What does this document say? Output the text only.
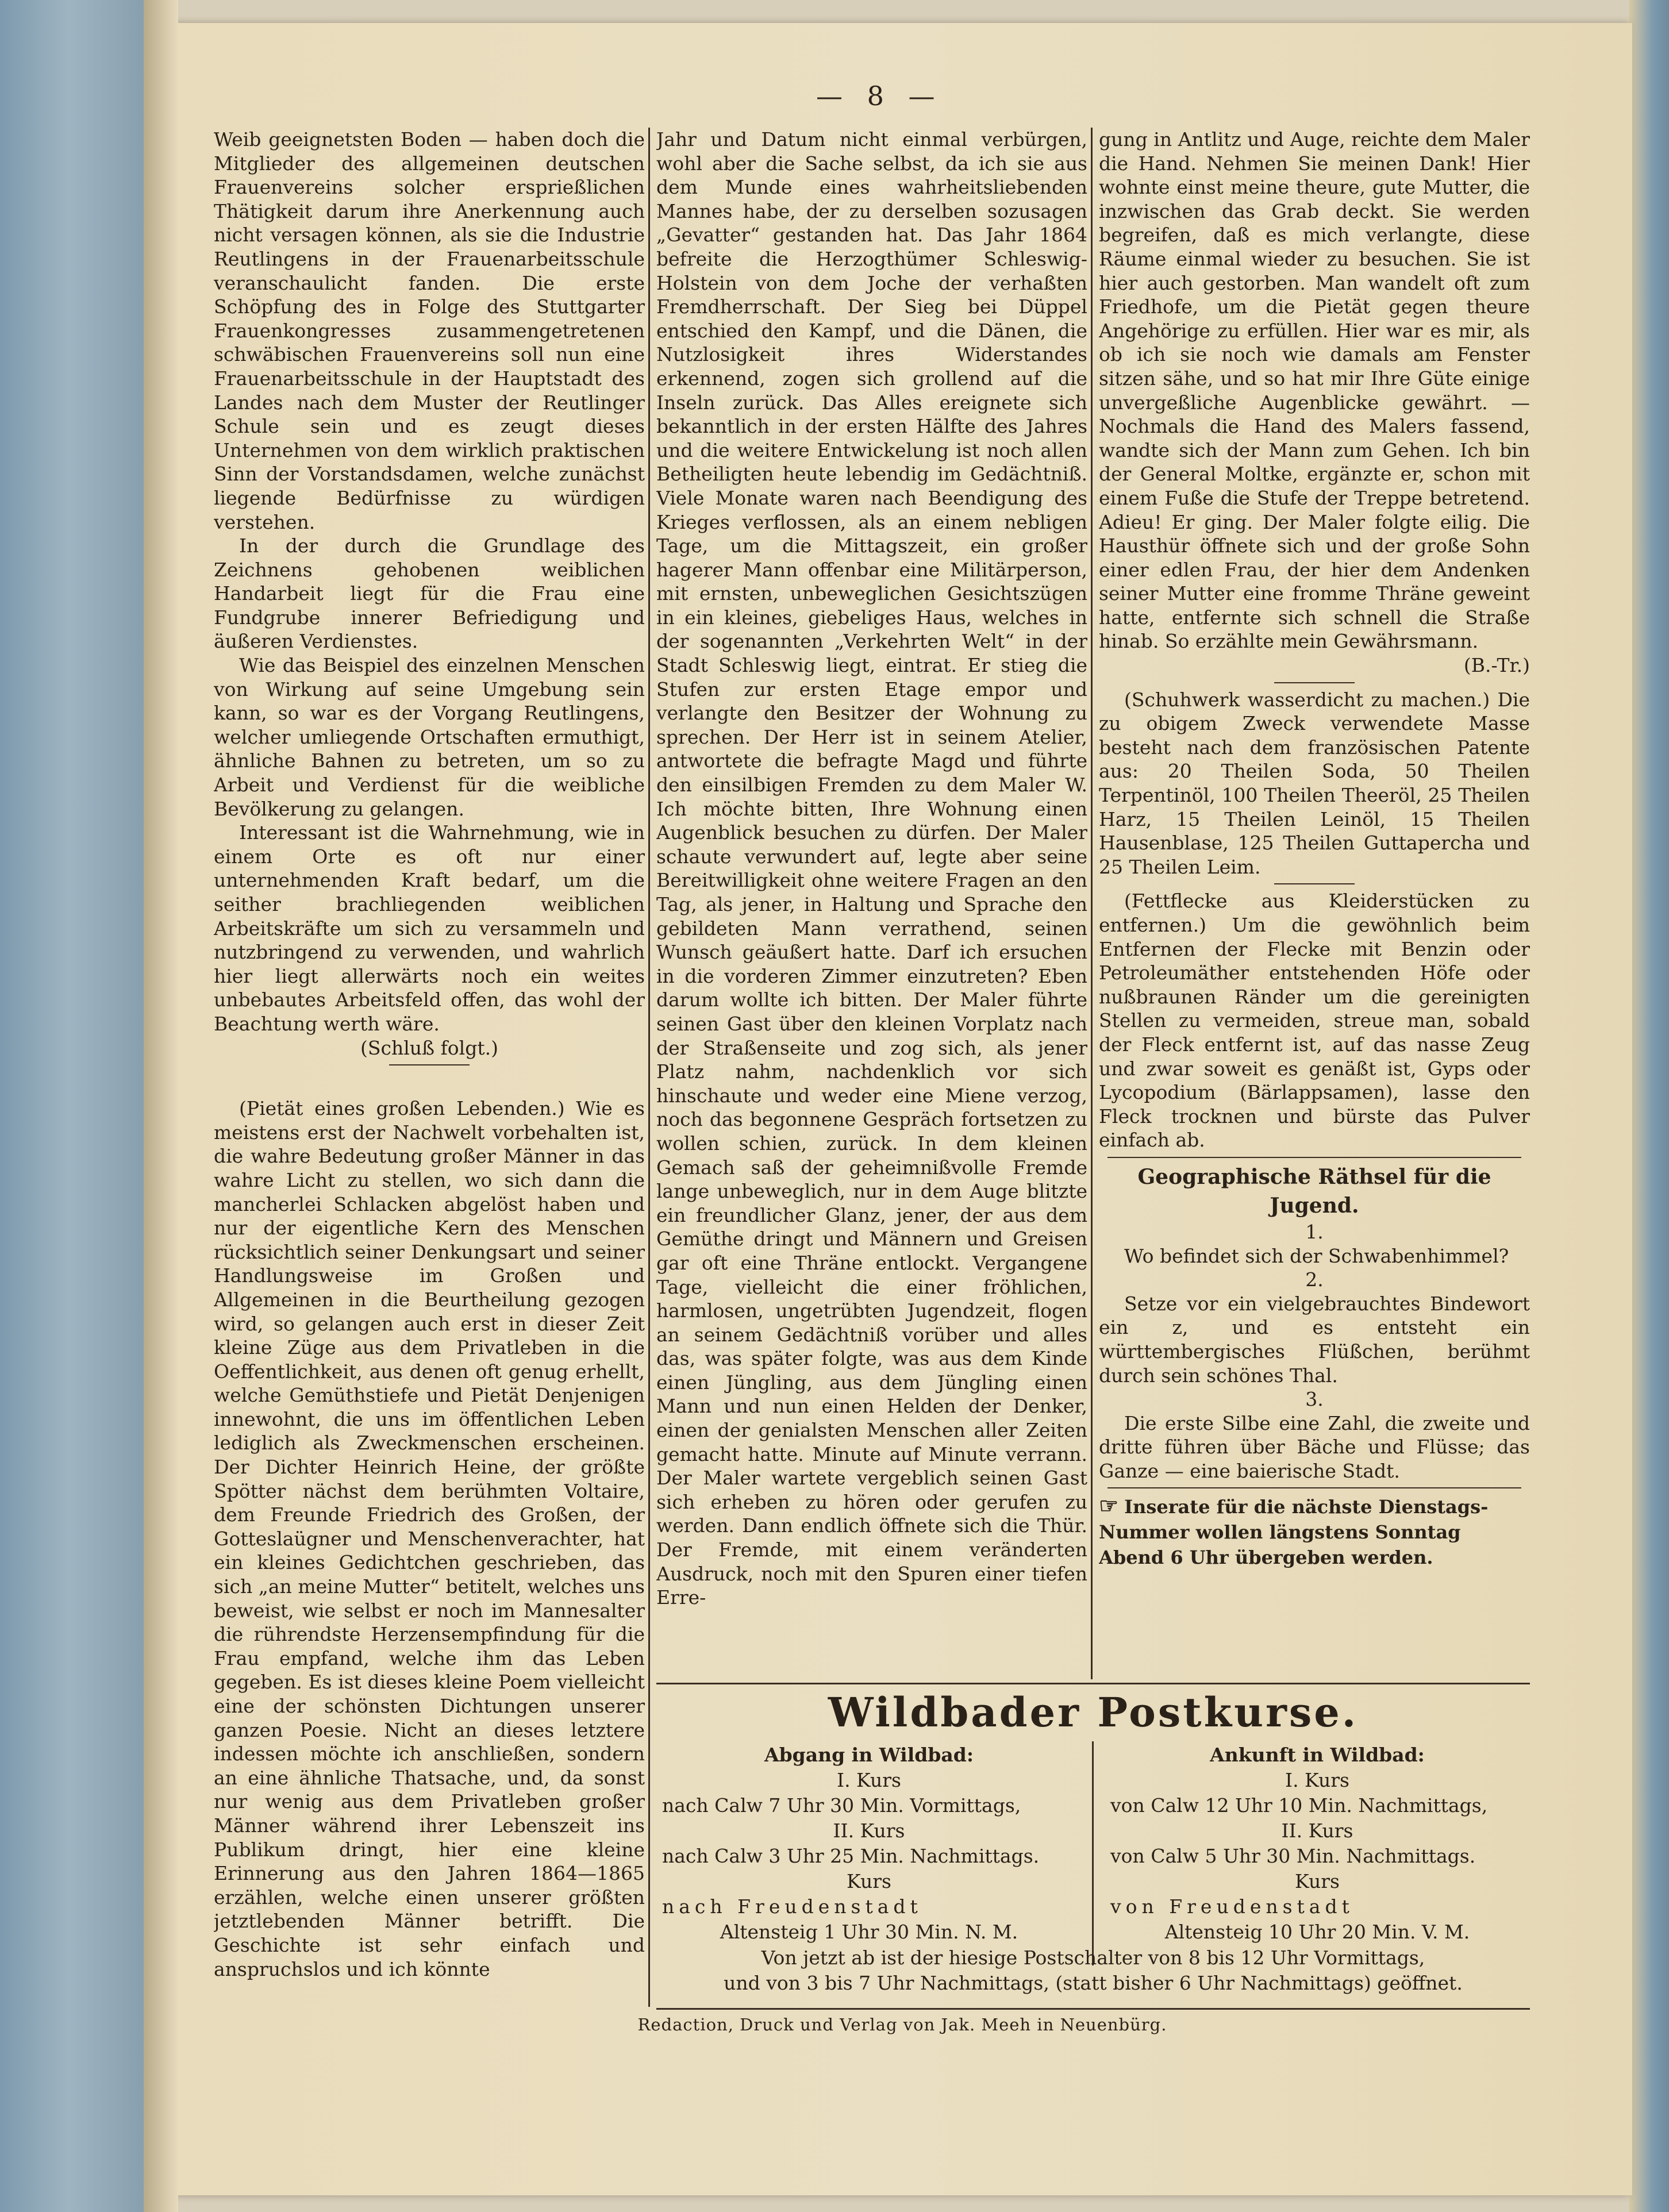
— 8 —

Weib geeignetsten Boden — haben doch die Mitglieder des allgemeinen deutschen Frauenvereins solcher ersprießlichen Thätigkeit darum ihre Anerkennung auch nicht versagen können, als sie die Industrie Reutlingens in der Frauenarbeitsschule veranschaulicht fanden. Die erste Schöpfung des in Folge des Stuttgarter Frauenkongresses zusammengetretenen schwäbischen Frauenvereins soll nun eine Frauenarbeitsschule in der Hauptstadt des Landes nach dem Muster der Reutlinger Schule sein und es zeugt dieses Unternehmen von dem wirklich praktischen Sinn der Vorstandsdamen, welche zunächst liegende Bedürfnisse zu würdigen verstehen.

In der durch die Grundlage des Zeichnens gehobenen weiblichen Handarbeit liegt für die Frau eine Fundgrube innerer Befriedigung und äußeren Verdienstes.

Wie das Beispiel des einzelnen Menschen von Wirkung auf seine Umgebung sein kann, so war es der Vorgang Reutlingens, welcher umliegende Ortschaften ermuthigt, ähnliche Bahnen zu betreten, um so zu Arbeit und Verdienst für die weibliche Bevölkerung zu gelangen.

Interessant ist die Wahrnehmung, wie in einem Orte es oft nur einer unternehmenden Kraft bedarf, um die seither brachliegenden weiblichen Arbeitskräfte um sich zu versammeln und nutzbringend zu verwenden, und wahrlich hier liegt allerwärts noch ein weites unbebautes Arbeitsfeld offen, das wohl der Beachtung werth wäre.

(Schluß folgt.)

(Pietät eines großen Lebenden.) Wie es meistens erst der Nachwelt vorbehalten ist, die wahre Bedeutung großer Männer in das wahre Licht zu stellen, wo sich dann die mancherlei Schlacken abgelöst haben und nur der eigentliche Kern des Menschen rücksichtlich seiner Denkungsart und seiner Handlungsweise im Großen und Allgemeinen in die Beurtheilung gezogen wird, so gelangen auch erst in dieser Zeit kleine Züge aus dem Privatleben in die Oeffentlichkeit, aus denen oft genug erhellt, welche Gemüthstiefe und Pietät Denjenigen innewohnt, die uns im öffentlichen Leben lediglich als Zweckmenschen erscheinen. Der Dichter Heinrich Heine, der größte Spötter nächst dem berühmten Voltaire, dem Freunde Friedrich des Großen, der Gotteslaügner und Menschenverachter, hat ein kleines Gedichtchen geschrieben, das sich „an meine Mutter“ betitelt, welches uns beweist, wie selbst er noch im Mannesalter die rührendste Herzensempfindung für die Frau empfand, welche ihm das Leben gegeben. Es ist dieses kleine Poem vielleicht eine der schönsten Dichtungen unserer ganzen Poesie. Nicht an dieses letztere indessen möchte ich anschließen, sondern an eine ähnliche Thatsache, und, da sonst nur wenig aus dem Privatleben großer Männer während ihrer Lebenszeit ins Publikum dringt, hier eine kleine Erinnerung aus den Jahren 1864—1865 erzählen, welche einen unserer größten jetztlebenden Männer betrifft. Die Geschichte ist sehr einfach und anspruchslos und ich könnte

Jahr und Datum nicht einmal verbürgen, wohl aber die Sache selbst, da ich sie aus dem Munde eines wahrheitsliebenden Mannes habe, der zu derselben sozusagen „Gevatter“ gestanden hat. Das Jahr 1864 befreite die Herzogthümer Schleswig-Holstein von dem Joche der verhaßten Fremdherrschaft. Der Sieg bei Düppel entschied den Kampf, und die Dänen, die Nutzlosigkeit ihres Widerstandes erkennend, zogen sich grollend auf die Inseln zurück. Das Alles ereignete sich bekanntlich in der ersten Hälfte des Jahres und die weitere Entwickelung ist noch allen Betheiligten heute lebendig im Gedächtniß. Viele Monate waren nach Beendigung des Krieges verflossen, als an einem nebligen Tage, um die Mittagszeit, ein großer hagerer Mann offenbar eine Militärperson, mit ernsten, unbeweglichen Gesichtszügen in ein kleines, giebeliges Haus, welches in der sogenannten „Verkehrten Welt“ in der Stadt Schleswig liegt, eintrat. Er stieg die Stufen zur ersten Etage empor und verlangte den Besitzer der Wohnung zu sprechen. Der Herr ist in seinem Atelier, antwortete die befragte Magd und führte den einsilbigen Fremden zu dem Maler W. Ich möchte bitten, Ihre Wohnung einen Augenblick besuchen zu dürfen. Der Maler schaute verwundert auf, legte aber seine Bereitwilligkeit ohne weitere Fragen an den Tag, als jener, in Haltung und Sprache den gebildeten Mann verrathend, seinen Wunsch geäußert hatte. Darf ich ersuchen in die vorderen Zimmer einzutreten? Eben darum wollte ich bitten. Der Maler führte seinen Gast über den kleinen Vorplatz nach der Straßenseite und zog sich, als jener Platz nahm, nachdenklich vor sich hinschaute und weder eine Miene verzog, noch das begonnene Gespräch fortsetzen zu wollen schien, zurück. In dem kleinen Gemach saß der geheimnißvolle Fremde lange unbeweglich, nur in dem Auge blitzte ein freundlicher Glanz, jener, der aus dem Gemüthe dringt und Männern und Greisen gar oft eine Thräne entlockt. Vergangene Tage, vielleicht die einer fröhlichen, harmlosen, ungetrübten Jugendzeit, flogen an seinem Gedächtniß vorüber und alles das, was später folgte, was aus dem Kinde einen Jüngling, aus dem Jüngling einen Mann und nun einen Helden der Denker, einen der genialsten Menschen aller Zeiten gemacht hatte. Minute auf Minute verrann. Der Maler wartete vergeblich seinen Gast sich erheben zu hören oder gerufen zu werden. Dann endlich öffnete sich die Thür. Der Fremde, mit einem veränderten Ausdruck, noch mit den Spuren einer tiefen Erre-

gung in Antlitz und Auge, reichte dem Maler die Hand. Nehmen Sie meinen Dank! Hier wohnte einst meine theure, gute Mutter, die inzwischen das Grab deckt. Sie werden begreifen, daß es mich verlangte, diese Räume einmal wieder zu besuchen. Sie ist hier auch gestorben. Man wandelt oft zum Friedhofe, um die Pietät gegen theure Angehörige zu erfüllen. Hier war es mir, als ob ich sie noch wie damals am Fenster sitzen sähe, und so hat mir Ihre Güte einige unvergeßliche Augenblicke gewährt. — Nochmals die Hand des Malers fassend, wandte sich der Mann zum Gehen. Ich bin der General Moltke, ergänzte er, schon mit einem Fuße die Stufe der Treppe betretend. Adieu! Er ging. Der Maler folgte eilig. Die Hausthür öffnete sich und der große Sohn einer edlen Frau, der hier dem Andenken seiner Mutter eine fromme Thräne geweint hatte, entfernte sich schnell die Straße hinab. So erzählte mein Gewährsmann.

(B.-Tr.)

(Schuhwerk wasserdicht zu machen.) Die zu obigem Zweck verwendete Masse besteht nach dem französischen Patente aus: 20 Theilen Soda, 50 Theilen Terpentinöl, 100 Theilen Theeröl, 25 Theilen Harz, 15 Theilen Leinöl, 15 Theilen Hausenblase, 125 Theilen Guttapercha und 25 Theilen Leim.

(Fettflecke aus Kleiderstücken zu entfernen.) Um die gewöhnlich beim Entfernen der Flecke mit Benzin oder Petroleumäther entstehenden Höfe oder nußbraunen Ränder um die gereinigten Stellen zu vermeiden, streue man, sobald der Fleck entfernt ist, auf das nasse Zeug und zwar soweit es genäßt ist, Gyps oder Lycopodium (Bärlappsamen), lasse den Fleck trocknen und bürste das Pulver einfach ab.

Geographische Räthsel für die Jugend.

1.

Wo befindet sich der Schwabenhimmel?

2.

Setze vor ein vielgebrauchtes Bindewort ein z, und es entsteht ein württembergisches Flüßchen, berühmt durch sein schönes Thal.

3.

Die erste Silbe eine Zahl, die zweite und dritte führen über Bäche und Flüsse; das Ganze — eine baierische Stadt.

☞ Inserate für die nächste Dienstags-Nummer wollen längstens Sonntag Abend 6 Uhr übergeben werden.

Wildbader Postkurse.
Abgang in Wildbad:
I. Kurs
nach Calw 7 Uhr 30 Min. Vormittags,
II. Kurs
nach Calw 3 Uhr 25 Min. Nachmittags.
Kurs
nach Freudenstadt
Altensteig 1 Uhr 30 Min. N. M.
Ankunft in Wildbad:
I. Kurs
von Calw 12 Uhr 10 Min. Nachmittags,
II. Kurs
von Calw 5 Uhr 30 Min. Nachmittags.
Kurs
von Freudenstadt
Altensteig 10 Uhr 20 Min. V. M.
Von jetzt ab ist der hiesige Postschalter von 8 bis 12 Uhr Vormittags,
und von 3 bis 7 Uhr Nachmittags, (statt bisher 6 Uhr Nachmittags) geöffnet.
Redaction, Druck und Verlag von Jak. Meeh in Neuenbürg.
